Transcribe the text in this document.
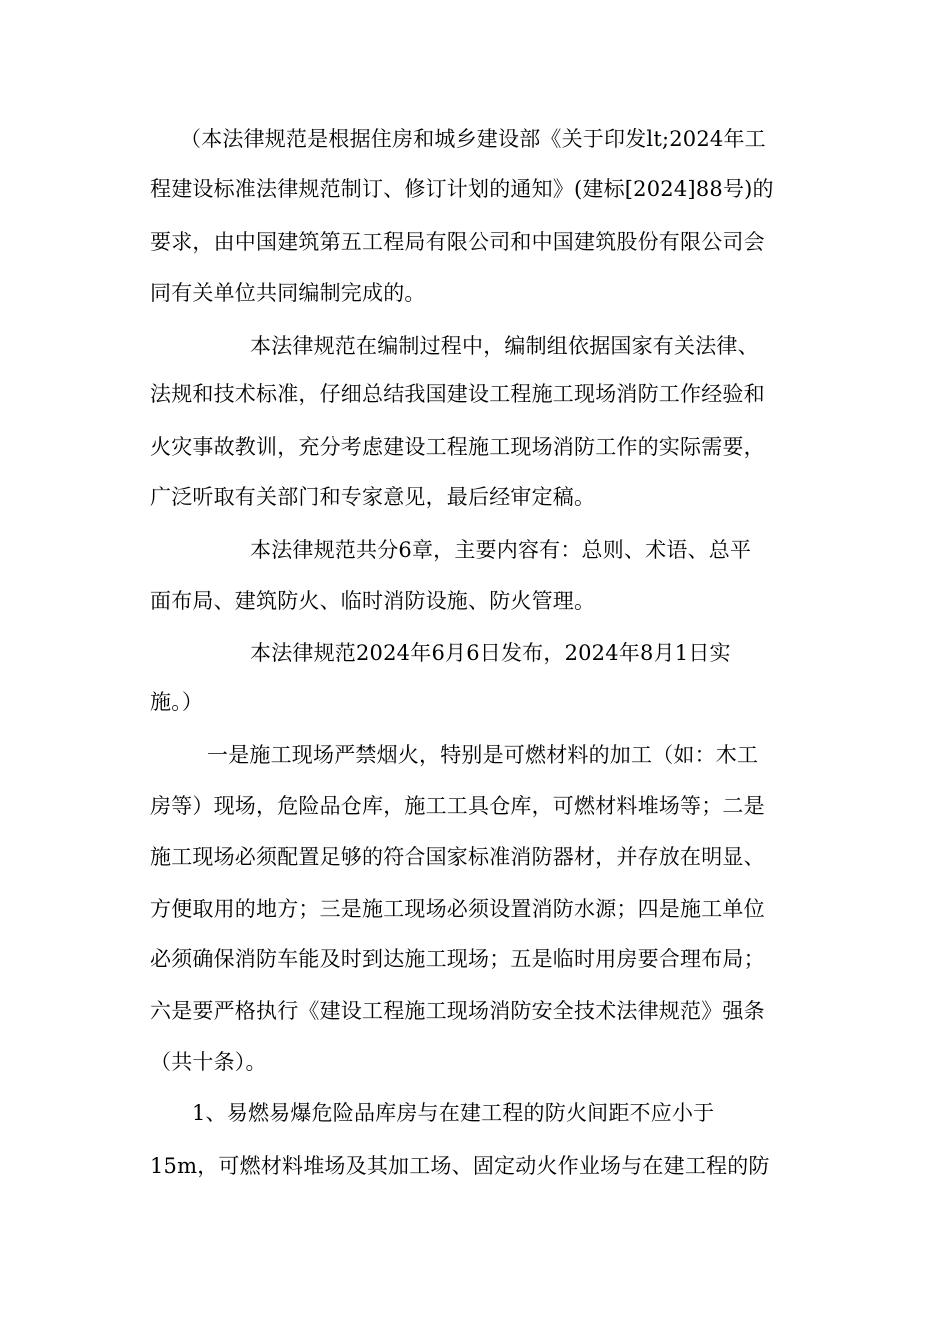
（本法律规范是根据住房和城乡建设部《关于印发lt;2024年工
程建设标准法律规范制订、修订计划的通知》(建标[2024]88号)的
要求，由中国建筑第五工程局有限公司和中国建筑股份有限公司会
同有关单位共同编制完成的。
本法律规范在编制过程中，编制组依据国家有关法律、
法规和技术标准，仔细总结我国建设工程施工现场消防工作经验和
火灾事故教训，充分考虑建设工程施工现场消防工作的实际需要，
广泛听取有关部门和专家意见，最后经审定稿。
本法律规范共分6章，主要内容有：总则、术语、总平
面布局、建筑防火、临时消防设施、防火管理。
本法律规范2024年6月6日发布，2024年8月1日实
施。）
一是施工现场严禁烟火，特别是可燃材料的加工（如：木工
房等）现场，危险品仓库，施工工具仓库，可燃材料堆场等；二是
施工现场必须配置足够的符合国家标准消防器材，并存放在明显、
方便取用的地方；三是施工现场必须设置消防水源；四是施工单位
必须确保消防车能及时到达施工现场；五是临时用房要合理布局；
六是要严格执行《建设工程施工现场消防安全技术法律规范》强条
（共十条）。
1、易燃易爆危险品库房与在建工程的防火间距不应小于
15m，可燃材料堆场及其加工场、固定动火作业场与在建工程的防
